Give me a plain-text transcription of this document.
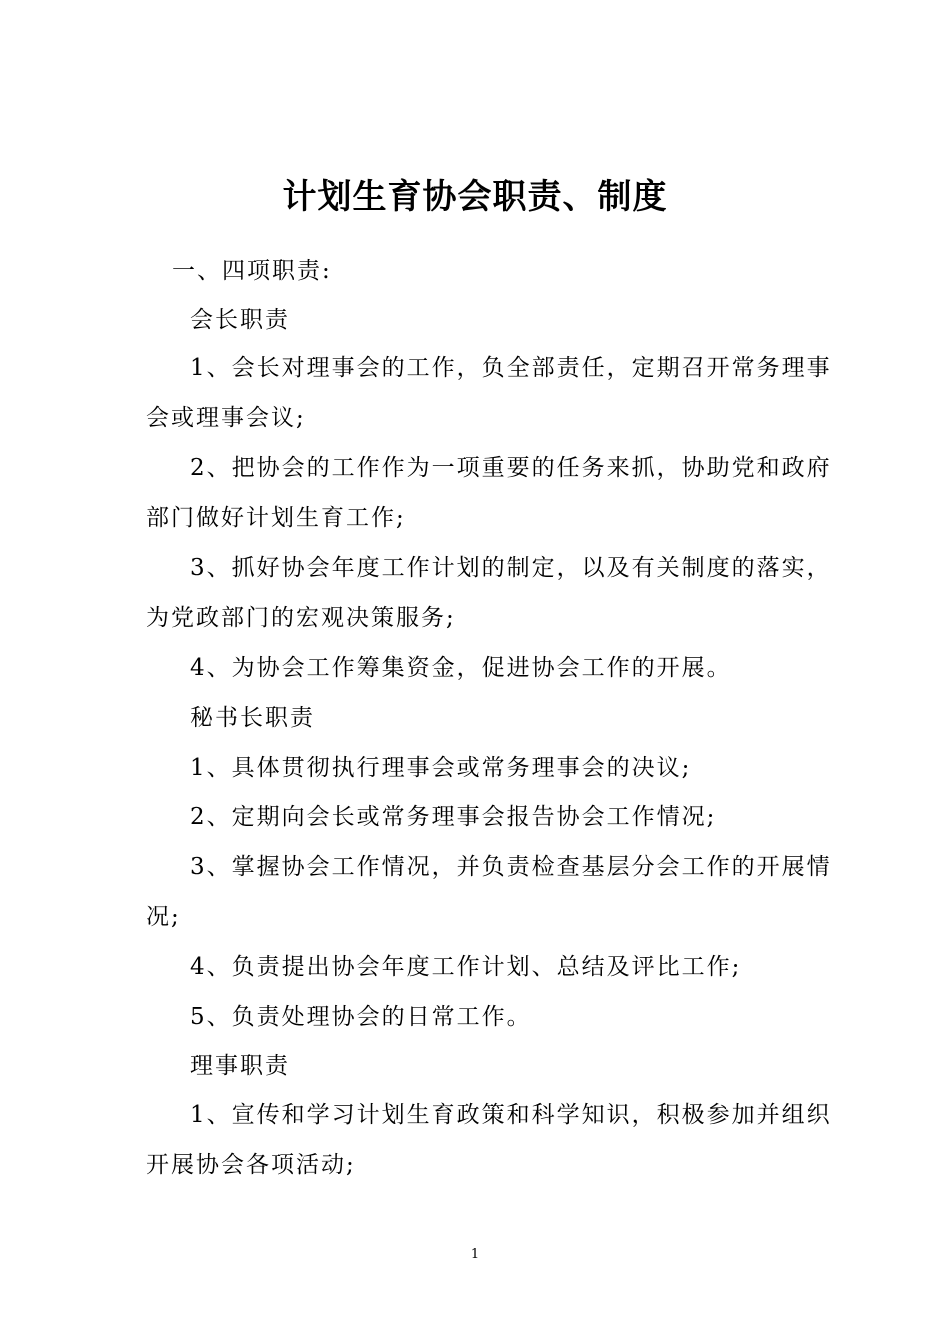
计划生育协会职责、制度

一、四项职责:

会长职责

1、会长对理事会的工作，负全部责任，定期召开常务理事

会或理事会议;

2、把协会的工作作为一项重要的任务来抓，协助党和政府

部门做好计划生育工作;

3、抓好协会年度工作计划的制定，以及有关制度的落实，

为党政部门的宏观决策服务;

4、为协会工作筹集资金，促进协会工作的开展。

秘书长职责

1、具体贯彻执行理事会或常务理事会的决议;

2、定期向会长或常务理事会报告协会工作情况;

3、掌握协会工作情况，并负责检查基层分会工作的开展情

况;

4、负责提出协会年度工作计划、总结及评比工作;

5、负责处理协会的日常工作。

理事职责

1、宣传和学习计划生育政策和科学知识，积极参加并组织

开展协会各项活动;

1
